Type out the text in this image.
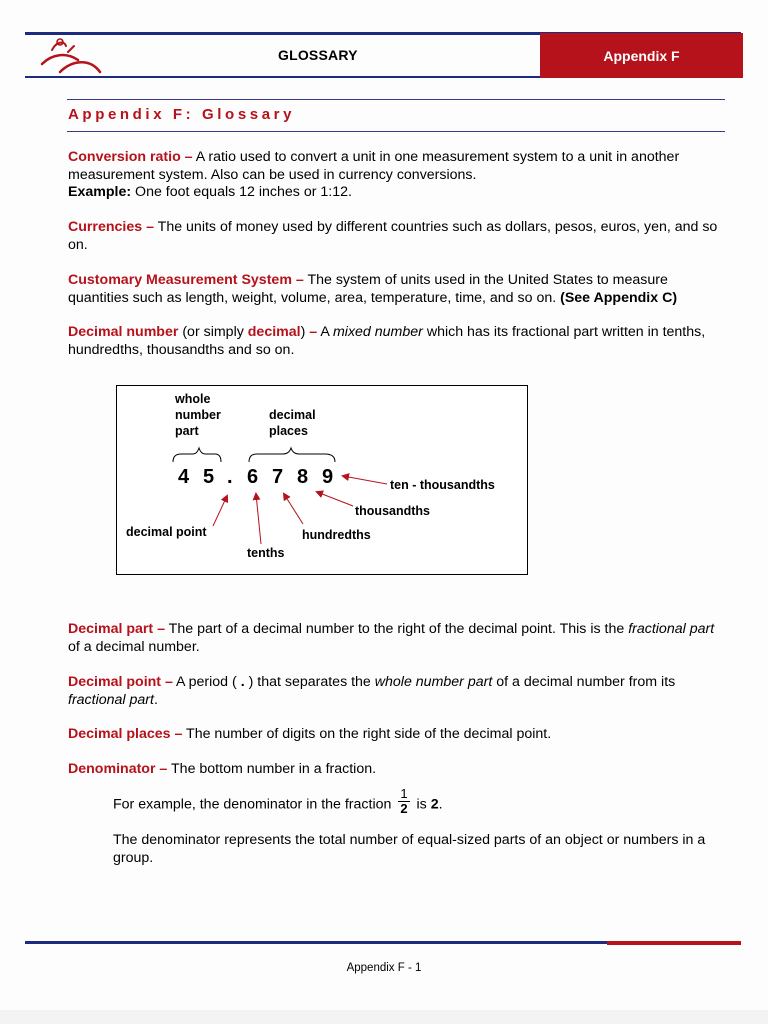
GLOSSARY	Appendix F
Appendix F: Glossary
Conversion ratio – A ratio used to convert a unit in one measurement system to a unit in another measurement system. Also can be used in currency conversions.
Example: One foot equals 12 inches or 1:12.
Currencies – The units of money used by different countries such as dollars, pesos, euros, yen, and so on.
Customary Measurement System – The system of units used in the United States to measure quantities such as length, weight, volume, area, temperature, time, and so on. (See Appendix C)
Decimal number (or simply decimal) – A mixed number which has its fractional part written in tenths, hundredths, thousandths and so on.
whole
number
part
decimal
places
4 5 . 6 7 8 9
decimal point
tenths
hundredths
thousandths
ten - thousandths
Decimal part – The part of a decimal number to the right of the decimal point. This is the fractional part of a decimal number.
Decimal point – A period ( . ) that separates the whole number part of a decimal number from its fractional part.
Decimal places – The number of digits on the right side of the decimal point.
Denominator – The bottom number in a fraction.
For example, the denominator in the fraction $\frac{1}{2}$ is 2.
The denominator represents the total number of equal-sized parts of an object or numbers in a group.
Appendix F - 1
